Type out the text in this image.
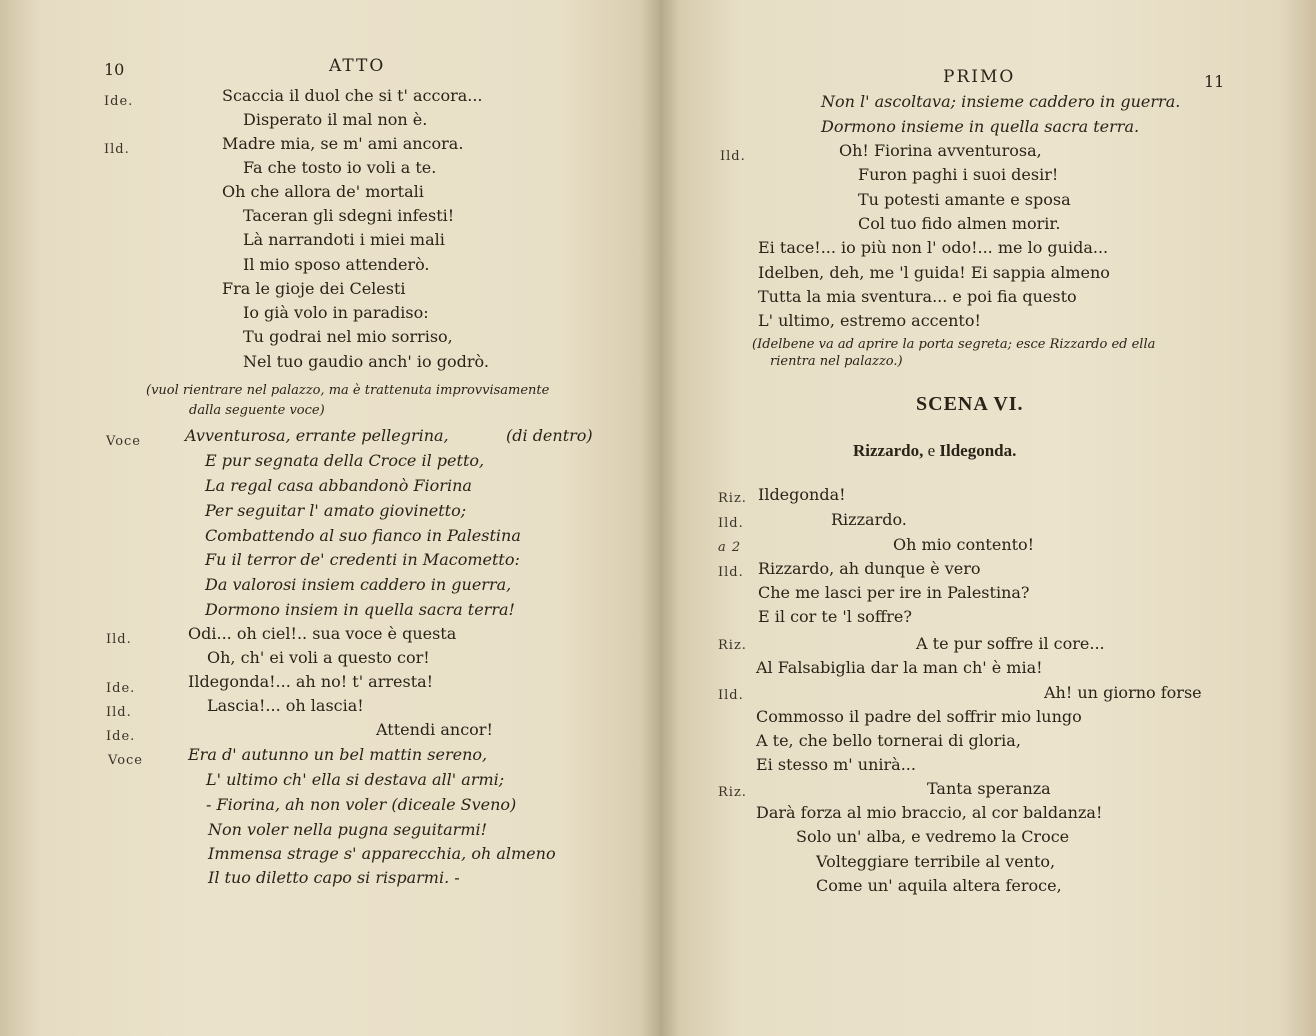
10	ATTO
Ide.	Scaccia il duol che si t' accora...
Disperato il mal non è.
Ild.	Madre mia, se m' ami ancora.
Fa che tosto io voli a te.
Oh che allora de' mortali
Taceran gli sdegni infesti!
Là narrandoti i miei mali
Il mio sposo attenderò.
Fra le gioje dei Celesti
Io già volo in paradiso:
Tu godrai nel mio sorriso,
Nel tuo gaudio anch' io godrò.
(vuol rientrare nel palazzo, ma è trattenuta improvvisamente
dalla seguente voce)
Voce	Avventurosa, errante pellegrina,	(di dentro)
E pur segnata della Croce il petto,
La regal casa abbandonò Fiorina
Per seguitar l' amato giovinetto;
Combattendo al suo fianco in Palestina
Fu il terror de' credenti in Macometto:
Da valorosi insiem caddero in guerra,
Dormono insiem in quella sacra terra!
Ild.	Odi... oh ciel!.. sua voce è questa
Oh, ch' ei voli a questo cor!
Ide.	Ildegonda!... ah no! t' arresta!
Ild.	Lascia!... oh lascia!
Ide.	Attendi ancor!
Voce	Era d' autunno un bel mattin sereno,
L' ultimo ch' ella si destava all' armi;
- Fiorina, ah non voler (diceale Sveno)
Non voler nella pugna seguitarmi!
Immensa strage s' apparecchia, oh almeno
Il tuo diletto capo si risparmi. -
PRIMO	11
Non l' ascoltava; insieme caddero in guerra.
Dormono insieme in quella sacra terra.
Ild.	Oh! Fiorina avventurosa,
Furon paghi i suoi desir!
Tu potesti amante e sposa
Col tuo fido almen morir.
Ei tace!... io più non l' odo!... me lo guida...
Idelben, deh, me 'l guida! Ei sappia almeno
Tutta la mia sventura... e poi fia questo
L' ultimo, estremo accento!
(Idelbene va ad aprire la porta segreta; esce Rizzardo ed ella
rientra nel palazzo.)
SCENA VI.
Rizzardo, e Ildegonda.
Riz. Ildegonda!
Ild.	Rizzardo.
a 2	Oh mio contento!
Ild. Rizzardo, ah dunque è vero
Che me lasci per ire in Palestina?
E il cor te 'l soffre?
Riz.	A te pur soffre il core...
Al Falsabiglia dar la man ch' è mia!
Ild.	Ah! un giorno forse
Commosso il padre del soffrir mio lungo
A te, che bello tornerai di gloria,
Ei stesso m' unirà...
Riz.	Tanta speranza
Darà forza al mio braccio, al cor baldanza!
Solo un' alba, e vedremo la Croce
Volteggiare terribile al vento,
Come un' aquila altera feroce,
